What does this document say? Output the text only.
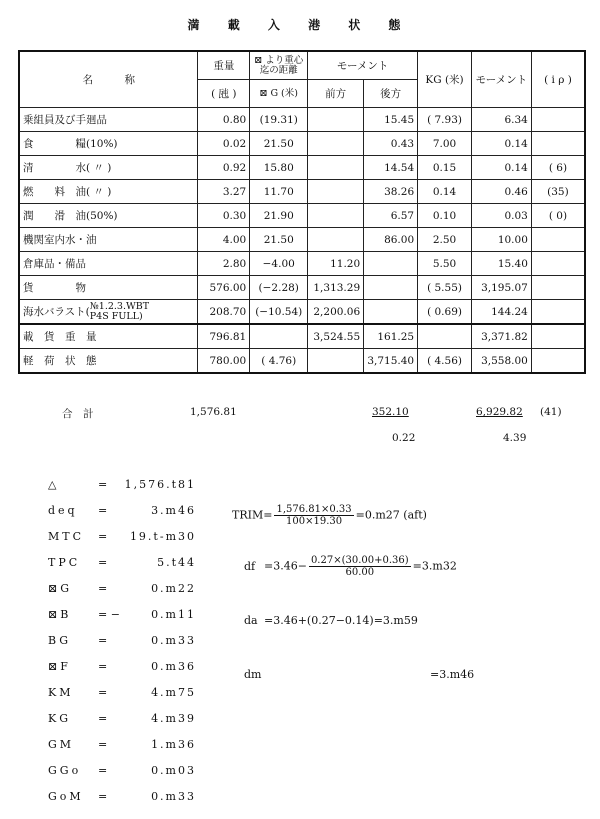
満 載 入 港 状 態
名　　　称	重量	⊠ より重心
迄の距離	モーメント		KG (米)	モーメント	( i ρ )
	( 瓲 )	⊠ G (米)	前方	後方			
乗組員及び手廻品	0.80	(19.31)		15.45	( 7.93)	6.34	
食　　　　糧(10%)	0.02	21.50		0.43	7.00	0.14	
清　　　　水( 〃 )	0.92	15.80		14.54	0.15	0.14	( 6)
燃　　料　油( 〃 )	3.27	11.70		38.26	0.14	0.46	(35)
潤　　滑　油(50%)	0.30	21.90		6.57	0.10	0.03	( 0)
機関室内水・油	4.00	21.50		86.00	2.50	10.00	
倉庫品・備品	2.80	−4.00	11.20		5.50	15.40	
貨　　　　物	576.00	(−2.28)	1,313.29		( 5.55)	3,195.07	
海水バラスト(№1.2.3.WBT
P4S FULL)	208.70	(−10.54)	2,200.06		( 0.69)	144.24	
載　貨　重　量	796.81		3,524.55	161.25		3,371.82	
軽　荷　状　態	780.00	( 4.76)		3,715.40	( 4.56)	3,558.00	
合　計	1,576.81	352.10	6,929.82 (41)
0.22	4.39
△	= 1,576.t81
deq =	3.m46
MTC = 19.t-m30
TPC =	5.t44
⊠G =	0.m22
⊠B = −	0.m11
BG =	0.m33
⊠F =	0.m36
KM =	4.m75
KG =	4.m39
GM =	1.m36
GGo =	0.m03
GoM =	0.m33
TRIM= $\frac{1,576.81\times 0.33}{100\times 19.30} =0.m27$ (aft)
df $=3.46- \frac{0.27\times(30.00+0.36)}{60.00} =3.m32$
da =3.46+(0.27−0.14)=3.m59
dm	=3.m46
